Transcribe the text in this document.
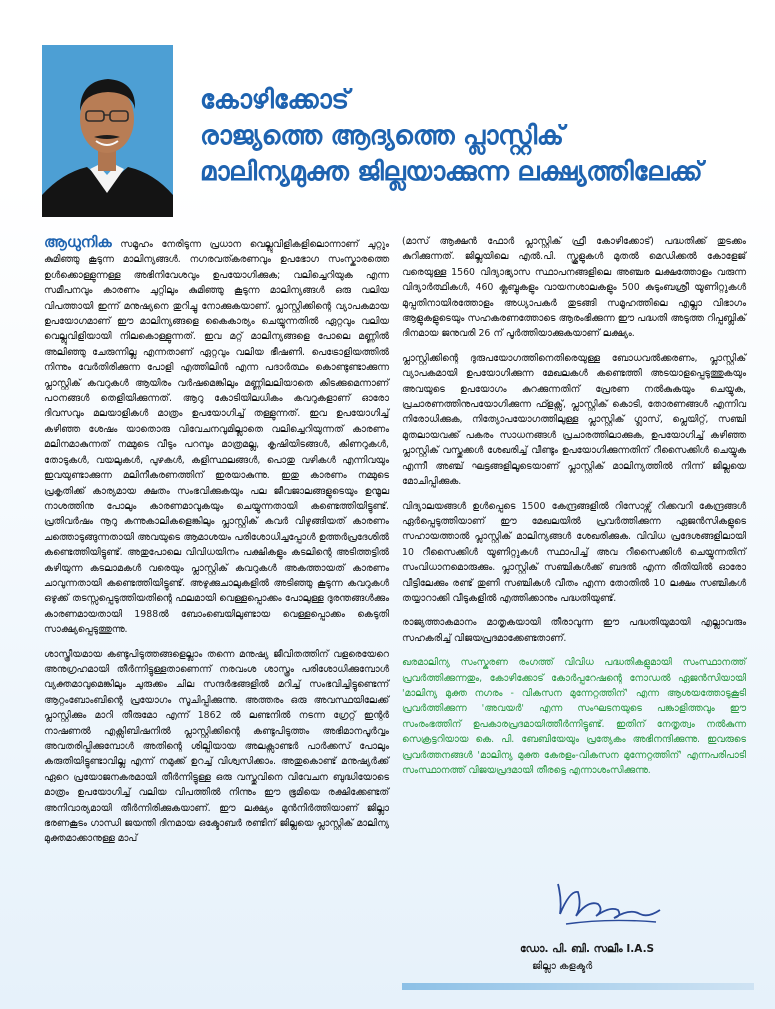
കോഴിക്കോട്
രാജ്യത്തെ ആദ്യത്തെ പ്ലാസ്റ്റിക്
മാലിന്യമുക്ത ജില്ലയാക്കുന്ന ലക്ഷ്യത്തിലേക്ക്

ആധുനിക സമൂഹം നേരിടുന്ന പ്രധാന വെല്ലുവിളികളിലൊന്നാണ് ചുറ്റും കുമിഞ്ഞു കൂടുന്ന മാലിന്യങ്ങൾ. നഗരവത്കരണവും ഉപഭോഗ സംസ്കാരത്തെ ഉൾക്കൊള്ളുന്നള്ള അഭിനിവേശവും ഉപയോഗിക്കുക; വലിച്ചെറിയുക എന്ന സമീപനവും കാരണം ചുറ്റിലും കുമിഞ്ഞു കൂടുന്ന മാലിന്യങ്ങൾ ഒരു വലിയ വിപത്തായി ഇന്ന് മനുഷ്യനെ തുറിച്ചു നോക്കുകയാണ്. പ്ലാസ്റ്റിക്കിന്റെ വ്യാപകമായ ഉപയോഗമാണ് ഈ മാലിന്യങ്ങളെ കൈകാര്യം ചെയ്യുന്നതിൽ ഏറ്റവും വലിയ വെല്ലുവിളിയായി നിലകൊള്ളുന്നത്. ഇവ മറ്റ് മാലിന്യങ്ങളെ പോലെ മണ്ണിൽ അലിഞ്ഞു ചേരുന്നില്ല എന്നതാണ് ഏറ്റവും വലിയ ഭീഷണി. പെട്രോളിയത്തിൽ നിന്നും വേർതിരിക്കുന്ന പോളി എത്തിലിൻ എന്ന പദാർത്ഥം കൊണ്ടുണ്ടാക്കുന്ന പ്ലാസ്റ്റിക് കവറുകൾ ആയിരം വർഷമെങ്കിലും മണ്ണിലലിയാതെ കിടക്കുമെന്നാണ് പഠനങ്ങൾ തെളിയിക്കുന്നത്. ആറു കോടിയിലധികം കവറുകളാണ് ഓരോ ദിവസവും മലയാളികൾ മാത്രം ഉപയോഗിച്ച് തള്ളുന്നത്. ഇവ ഉപയോഗിച്ച് കഴിഞ്ഞ ശേഷം യാതൊരു വിവേചനവുമില്ലാതെ വലിച്ചെറിയുന്നത് കാരണം മലിനമാകുന്നത് നമ്മുടെ വീടും പറമ്പും മാത്രമല്ല, കൃഷിയിടങ്ങൾ, കിണറുകൾ, തോടുകൾ, വയലുകൾ, പുഴകൾ, കളിസ്ഥലങ്ങൾ, പൊതു വഴികൾ എന്നിവയും ഇവയുണ്ടാക്കുന്ന മലിനീകരണത്തിന് ഇരയാകുന്നു. ഇതു കാരണം നമ്മുടെ പ്രകൃതിക്ക് കാര്യമായ ക്ഷതം സംഭവിക്കുകയും പല ജീവജാലങ്ങളുടെയും ഉന്മൂല നാശത്തിനു പോലും കാരണമാവുകയും ചെയ്യുന്നതായി കണ്ടെത്തിയിട്ടുണ്ട്. പ്രതിവർഷം നൂറു കന്നുകാലികളെങ്കിലും പ്ലാസ്റ്റിക് കവർ വിഴുങ്ങിയത് കാരണം ചത്തൊടുങ്ങുന്നതായി അവയുടെ ആമാശയം പരിശോധിച്ചപ്പോൾ ഉത്തർപ്രദേശിൽ കണ്ടെത്തിയിട്ടുണ്ട്. അതുപോലെ വിവിധയിനം പക്ഷികളും കടലിന്റെ അടിത്തട്ടിൽ കഴിയുന്ന കടലാമകൾ വരെയും പ്ലാസ്റ്റിക് കവറുകൾ അകത്തായത് കാരണം ചാവുന്നതായി കണ്ടെത്തിയിട്ടുണ്ട്. അഴുക്കുചാലുകളിൽ അടിഞ്ഞു കൂടുന്ന കവറുകൾ ഒഴുക്ക് തടസ്സപ്പെടുത്തിയതിന്റെ ഫലമായി വെള്ളപ്പൊക്കം പോലുള്ള ദുരന്തങ്ങൾക്കും കാരണമായതായി 1988ൽ ബോംബെയിലുണ്ടായ വെള്ളപ്പൊക്കം കെടുതി സാക്ഷ്യപ്പെടുത്തുന്നു.

ശാസ്ത്രീയമായ കണ്ടുപിടുത്തങ്ങളെല്ലാം തന്നെ മനുഷ്യ ജീവിതത്തിന് വളരെയേറെ അനുഗ്രഹമായി തീർന്നിട്ടുള്ളതാണെന്ന് നരവംശ ശാസ്ത്രം പരിശോധിക്കുമ്പോൾ വ്യക്തമാവുമെങ്കിലും ചുരുക്കം ചില സന്ദർഭങ്ങളിൽ മറിച്ച് സംഭവിച്ചിട്ടുണ്ടെന്ന് ആറ്റംബോംബിന്റെ പ്രയോഗം സൂചിപ്പിക്കുന്നു. അത്തരം ഒരു അവസ്ഥയിലേക്ക് പ്ലാസ്റ്റിക്കും മാറി തീരുമോ എന്ന് 1862 ൽ ലണ്ടനിൽ നടന്ന ഗ്രേറ്റ് ഇന്റർ നാഷണൽ എക്സിബിഷനിൽ പ്ലാസ്റ്റിക്കിന്റെ കണ്ടുപിടുത്തം അഭിമാനപൂർവ്വം അവതരിപ്പിക്കുമ്പോൾ അതിന്റെ ശില്പിയായ അലക്സാണ്ടർ പാർക്കസ് പോലും കരുതിയിട്ടുണ്ടാവില്ല എന്ന് നമുക്ക് ഉറച്ച് വിശ്വസിക്കാം. അതുകൊണ്ട് മനുഷ്യർക്ക് ഏറെ പ്രയോജനകരമായി തീർന്നിട്ടുള്ള ഒരു വസ്തുവിനെ വിവേചന ബുദ്ധിയോടെ മാത്രം ഉപയോഗിച്ച് വലിയ വിപത്തിൽ നിന്നും ഈ ഭൂമിയെ രക്ഷിക്കേണ്ടത് അനിവാര്യമായി തീർന്നിരിക്കുകയാണ്. ഈ ലക്ഷ്യം മുൻനിർത്തിയാണ് ജില്ലാ ഭരണകൂടം ഗാന്ധി ജയന്തി ദിനമായ ഒക്ടോബർ രണ്ടിന് ജില്ലയെ പ്ലാസ്റ്റിക് മാലിന്യ മുക്തമാക്കാനുള്ള മാപ്

(മാസ് ആക്ഷൻ ഫോർ പ്ലാസ്റ്റിക് ഫ്രീ കോഴിക്കോട്) പദ്ധതിക്ക് തുടക്കം കുറിക്കുന്നത്. ജില്ലയിലെ എൽ.പി. സ്കൂളുകൾ മുതൽ മെഡിക്കൽ കോളേജ് വരെയുള്ള 1560 വിദ്യാഭ്യാസ സ്ഥാപനങ്ങളിലെ അഞ്ചര ലക്ഷത്തോളം വരുന്ന വിദ്യാർത്ഥികൾ, 460 ക്ലബ്ബുകളും വായനശാലകളും 500 കുടുംബശ്രീ യൂണിറ്റുകൾ മുപ്പതിനായിരത്തോളം അധ്യാപകർ തുടങ്ങി സമൂഹത്തിലെ എല്ലാ വിഭാഗം ആളുകളുടെയും സഹകരണത്തോടെ ആരംഭിക്കുന്ന ഈ പദ്ധതി അടുത്ത റിപ്പബ്ലിക് ദിനമായ ജനുവരി 26 ന് പൂർത്തിയാക്കുകയാണ് ലക്ഷ്യം.

പ്ലാസ്റ്റിക്കിന്റെ ദുരുപയോഗത്തിനെതിരെയുള്ള ബോധവൽക്കരണം, പ്ലാസ്റ്റിക് വ്യാപകമായി ഉപയോഗിക്കുന്ന മേഖലകൾ കണ്ടെത്തി അടയാളപ്പെടുത്തുകയും അവയുടെ ഉപയോഗം കുറക്കുന്നതിന് പ്രേരണ നൽകുകയും ചെയ്യുക, പ്രചാരണത്തിനുപയോഗിക്കുന്ന ഫ്ളക്സ്, പ്ലാസ്റ്റിക് കൊടി, തോരണങ്ങൾ എന്നിവ നിരോധിക്കുക, നിത്യോപയോഗത്തിലുള്ള പ്ലാസ്റ്റിക് ഗ്ലാസ്, പ്ലെയിറ്റ്, സഞ്ചി മുതലായവക്ക് പകരം സാധനങ്ങൾ പ്രചാരത്തിലാക്കുക, ഉപയോഗിച്ച് കഴിഞ്ഞ പ്ലാസ്റ്റിക് വസ്തുക്കൾ ശേഖരിച്ച് വീണ്ടും ഉപയോഗിക്കുന്നതിന് റീസൈക്കിൾ ചെയ്യുക എന്നീ അഞ്ച് ഘട്ടങ്ങളിലൂടെയാണ് പ്ലാസ്റ്റിക് മാലിന്യത്തിൽ നിന്ന് ജില്ലയെ മോചിപ്പിക്കുക.

വിദ്യാലയങ്ങൾ ഉൾപ്പെടെ 1500 കേന്ദ്രങ്ങളിൽ റിസോഴ്സ് റിക്കവറി കേന്ദ്രങ്ങൾ ഏർപ്പെടുത്തിയാണ് ഈ മേഖലയിൽ പ്രവർത്തിക്കുന്ന ഏജൻസികളുടെ സഹായത്താൽ പ്ലാസ്റ്റിക് മാലിന്യങ്ങൾ ശേഖരിക്കുക. വിവിധ പ്രദേശങ്ങളിലായി 10 റീസൈക്കിൾ യൂണിറ്റുകൾ സ്ഥാപിച്ച് അവ റീസൈക്കിൾ ചെയ്യുന്നതിന് സംവിധാനമൊരുക്കും. പ്ലാസ്റ്റിക് സഞ്ചികൾക്ക് ബദൽ എന്ന രീതിയിൽ ഓരോ വീട്ടിലേക്കും രണ്ട് തുണി സഞ്ചികൾ വീതം എന്ന തോതിൽ 10 ലക്ഷം സഞ്ചികൾ തയ്യാറാക്കി വീടുകളിൽ എത്തിക്കാനും പദ്ധതിയുണ്ട്.

രാജ്യത്താകമാനം മാതൃകയായി തീരാവുന്ന ഈ പദ്ധതിയുമായി എല്ലാവരും സഹകരിച്ച് വിജയപ്രദമാക്കേണ്ടതാണ്.

ഖരമാലിന്യ സംസ്കരണ രംഗത്ത് വിവിധ പദ്ധതികളുമായി സംസ്ഥാനത്ത് പ്രവർത്തിക്കുന്നതും, കോഴിക്കോട് കോർപ്പറേഷന്റെ നോഡൽ ഏജൻസിയായി 'മാലിന്യ മുക്ത നഗരം - വികസന മുന്നേറ്റത്തിന്' എന്ന ആശയത്തോടുകൂടി പ്രവർത്തിക്കുന്ന 'അവയർ' എന്ന സംഘടനയുടെ പങ്കാളിത്തവും ഈ സംരംഭത്തിന് ഉപകാരപ്രദമായിത്തീർന്നിട്ടുണ്ട്. ഇതിന് നേതൃത്വം നൽകുന്ന സെക്രട്ടറിയായ കെ. പി. ബേബിയേയും പ്രത്യേകം അഭിനന്ദിക്കുന്നു. ഇവരുടെ പ്രവർത്തനങ്ങൾ 'മാലിന്യ മുക്ത കേരളം-വികസന മുന്നേറ്റത്തിന്' എന്നപരിപാടി സംസ്ഥാനത്ത് വിജയപ്രദമായി തീരട്ടെ എന്നാശംസിക്കുന്നു.

ഡോ. പി. ബി. സലീം I.A.S
ജില്ലാ കളക്ടർ
